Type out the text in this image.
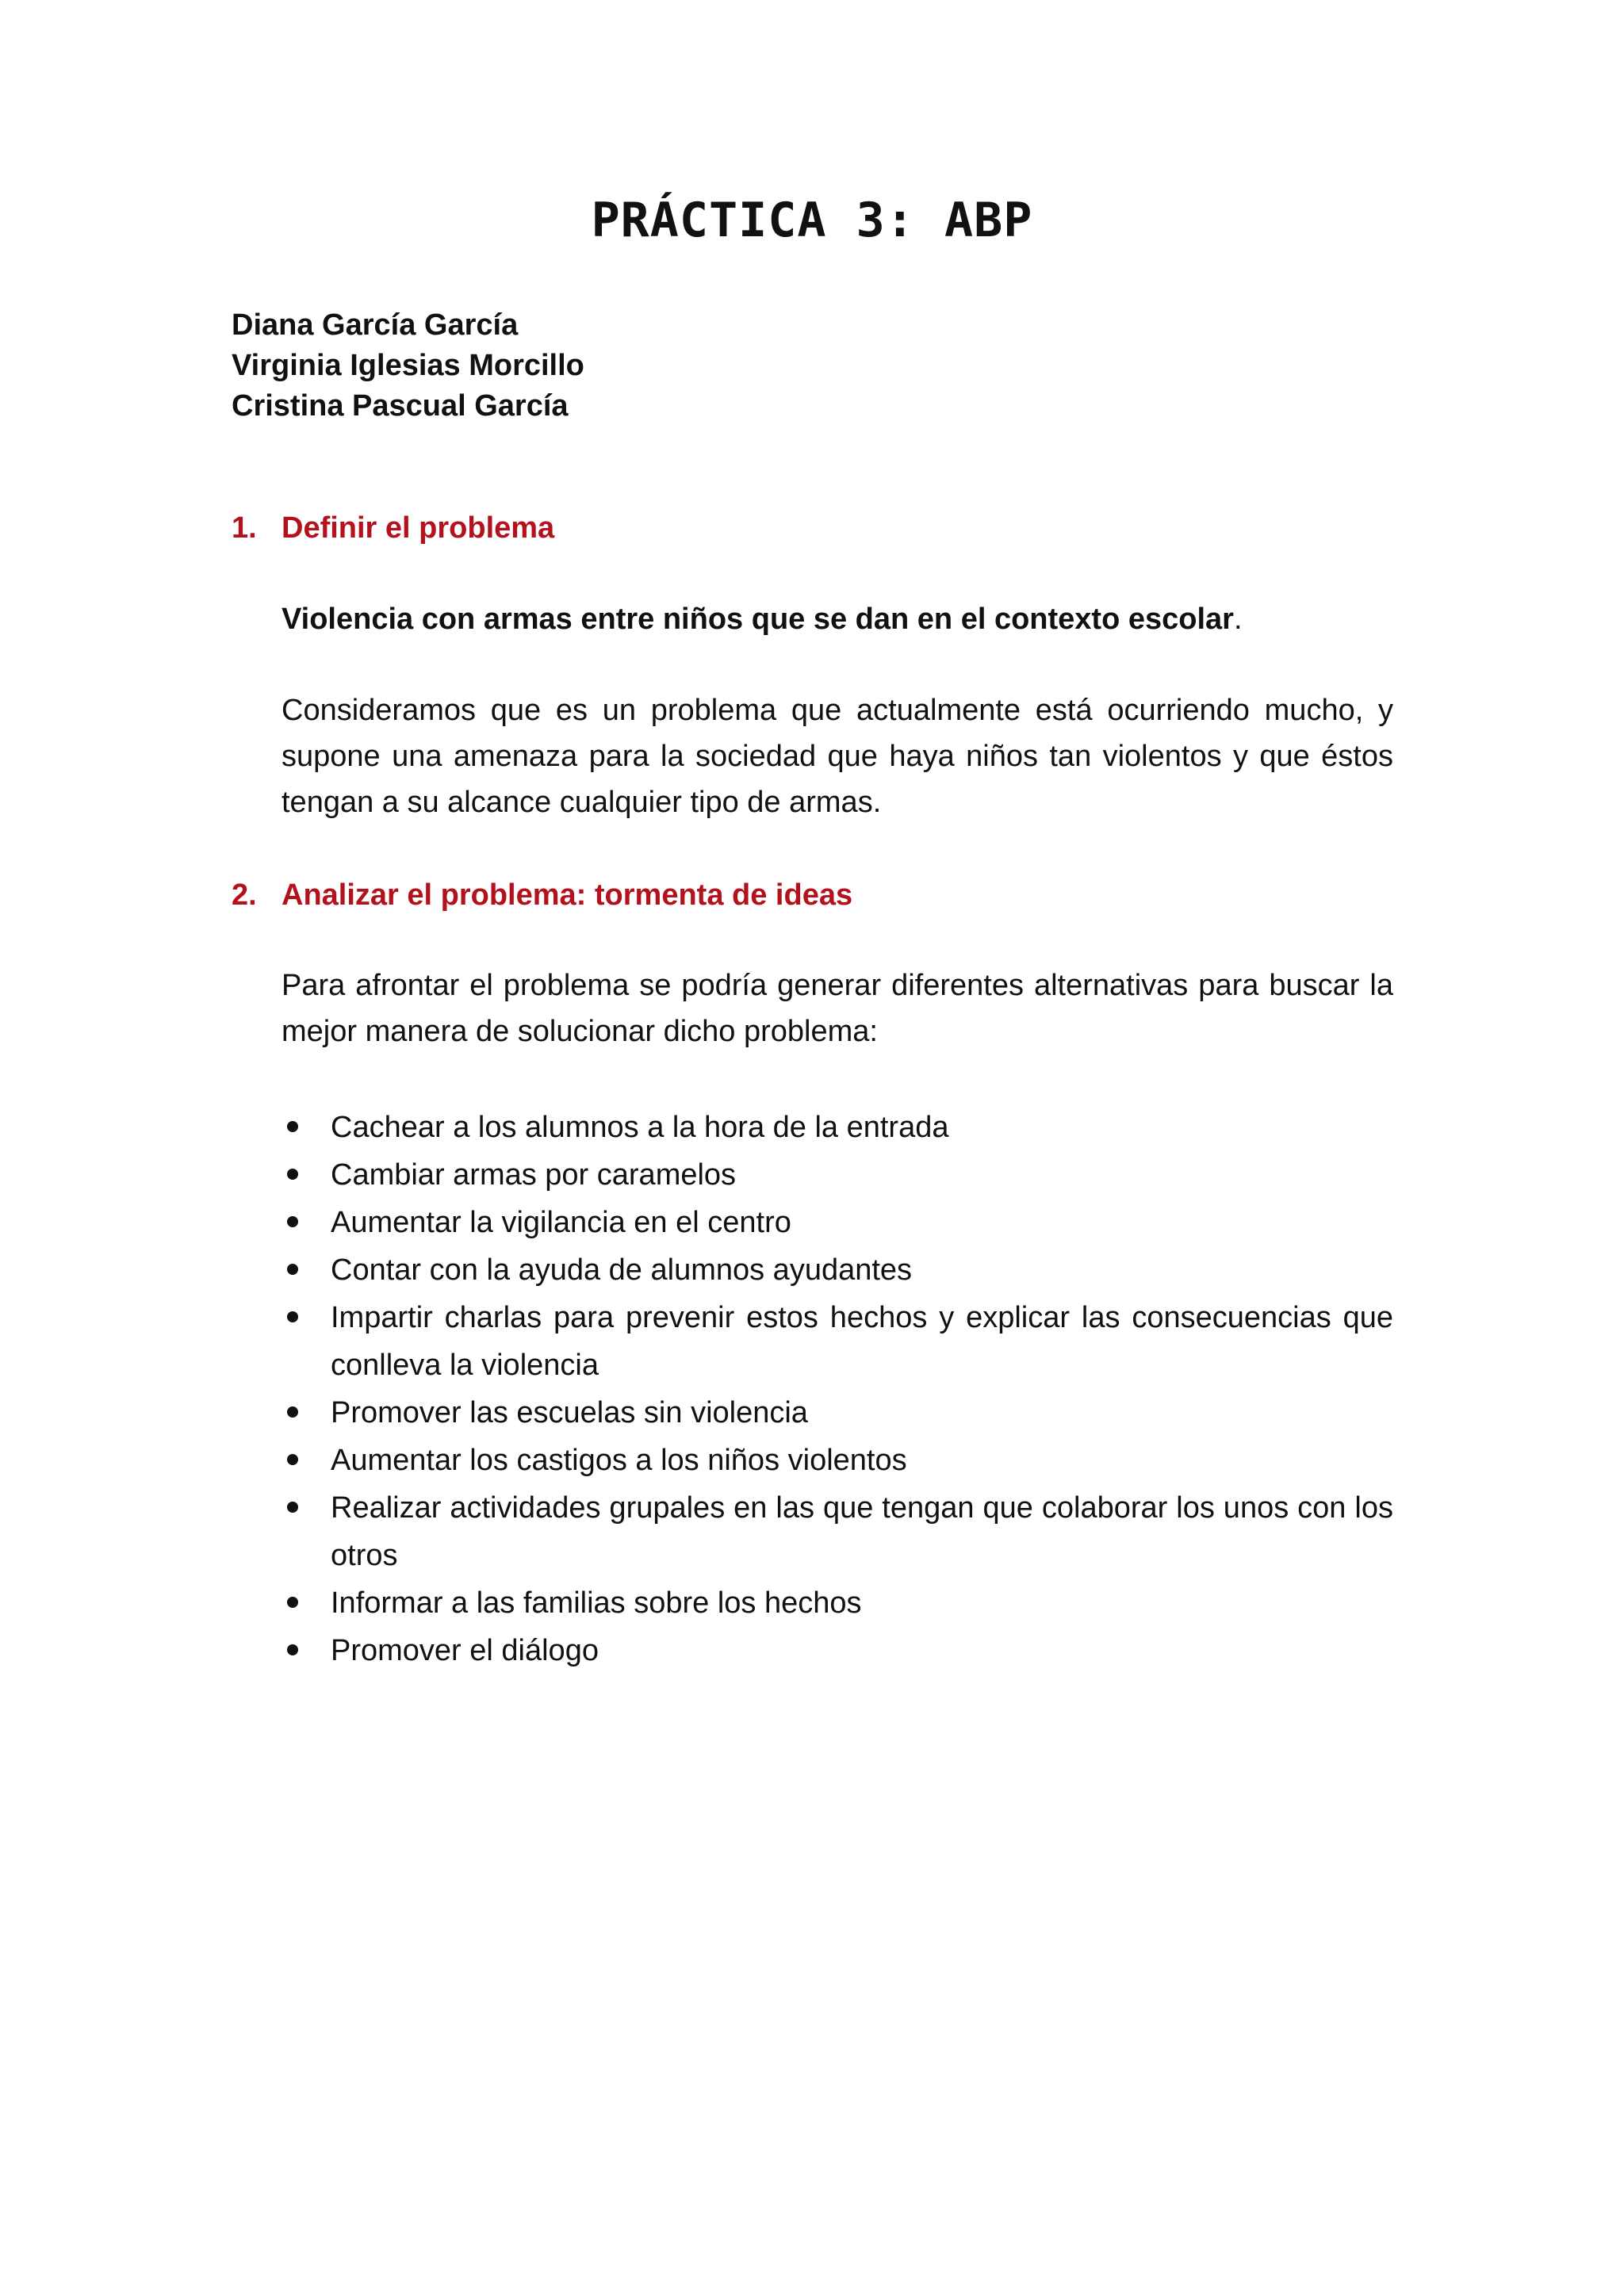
PRÁCTICA 3: ABP
Diana García García
Virginia Iglesias Morcillo
Cristina Pascual García
1. Definir el problema
Violencia con armas entre niños que se dan en el contexto escolar.
Consideramos que es un problema que actualmente está ocurriendo mucho, y supone una amenaza para la sociedad que haya niños tan violentos y que éstos tengan a su alcance cualquier tipo de armas.
2. Analizar el problema: tormenta de ideas
Para afrontar el problema se podría generar diferentes alternativas para buscar la mejor manera de solucionar dicho problema:
Cachear a los alumnos a la hora de la entrada
Cambiar armas por caramelos
Aumentar la vigilancia en el centro
Contar con la ayuda de alumnos ayudantes
Impartir charlas para prevenir estos hechos y explicar las consecuencias que conlleva la violencia
Promover las escuelas sin violencia
Aumentar los castigos a los niños violentos
Realizar actividades grupales en las que tengan que colaborar los unos con los otros
Informar a las familias sobre los hechos
Promover el diálogo
